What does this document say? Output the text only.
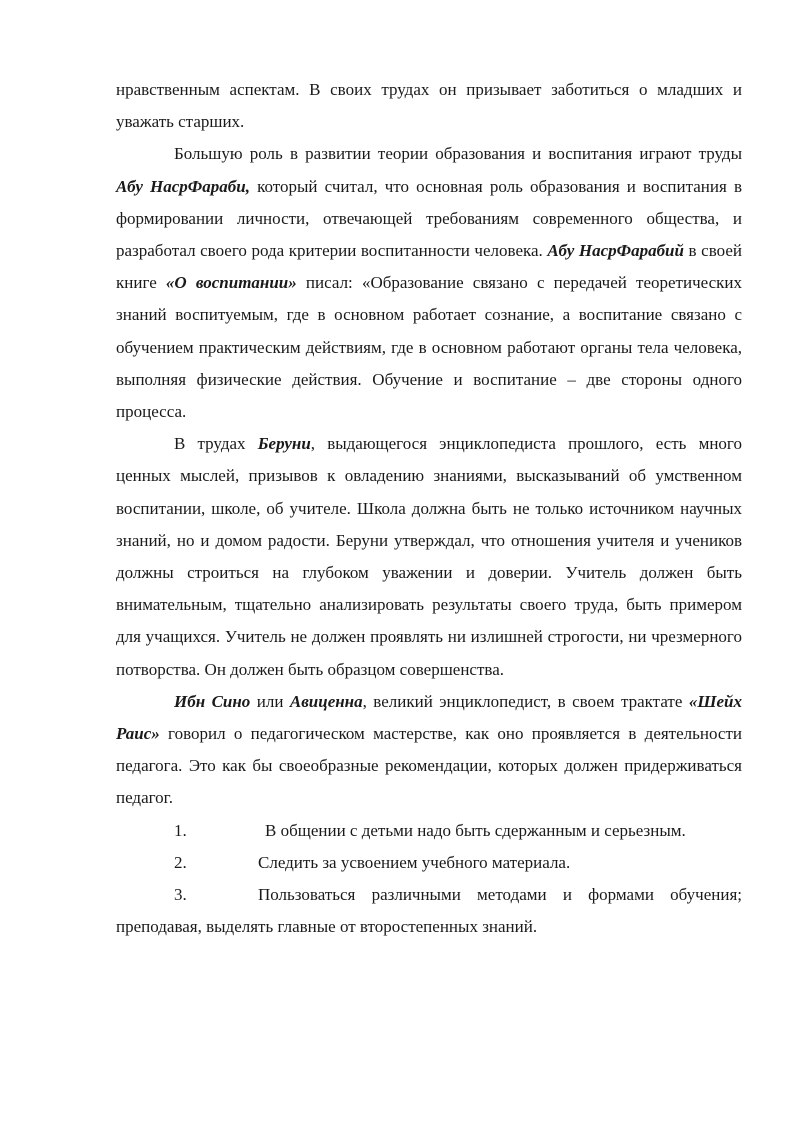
нравственным аспектам. В своих трудах он призывает заботиться о младших и уважать старших.

Большую роль в развитии теории образования и воспитания играют труды Абу НасрФараби, который считал, что основная роль образования и воспитания в формировании личности, отвечающей требованиям современного общества, и разработал своего рода критерии воспитанности человека. Абу НасрФарабий в своей книге «О воспитании» писал: «Образование связано с передачей теоретических знаний воспитуемым, где в основном работает сознание, а воспитание связано с обучением практическим действиям, где в основном работают органы тела человека, выполняя физические действия. Обучение и воспитание – две стороны одного процесса.

В трудах Беруни, выдающегося энциклопедиста прошлого, есть много ценных мыслей, призывов к овладению знаниями, высказываний об умственном воспитании, школе, об учителе. Школа должна быть не только источником научных знаний, но и домом радости. Беруни утверждал, что отношения учителя и учеников должны строиться на глубоком уважении и доверии. Учитель должен быть внимательным, тщательно анализировать результаты своего труда, быть примером для учащихся. Учитель не должен проявлять ни излишней строгости, ни чрезмерного потворства. Он должен быть образцом совершенства.

Ибн Сино или Авиценна, великий энциклопедист, в своем трактате «Шейх Раис» говорил о педагогическом мастерстве, как оно проявляется в деятельности педагога. Это как бы своеобразные рекомендации, которых должен придерживаться педагог.

1.	В общении с детьми надо быть сдержанным и серьезным.
2.	Следить за усвоением учебного материала.

3.	Пользоваться различными методами и формами обучения; преподавая, выделять главные от второстепенных знаний.
